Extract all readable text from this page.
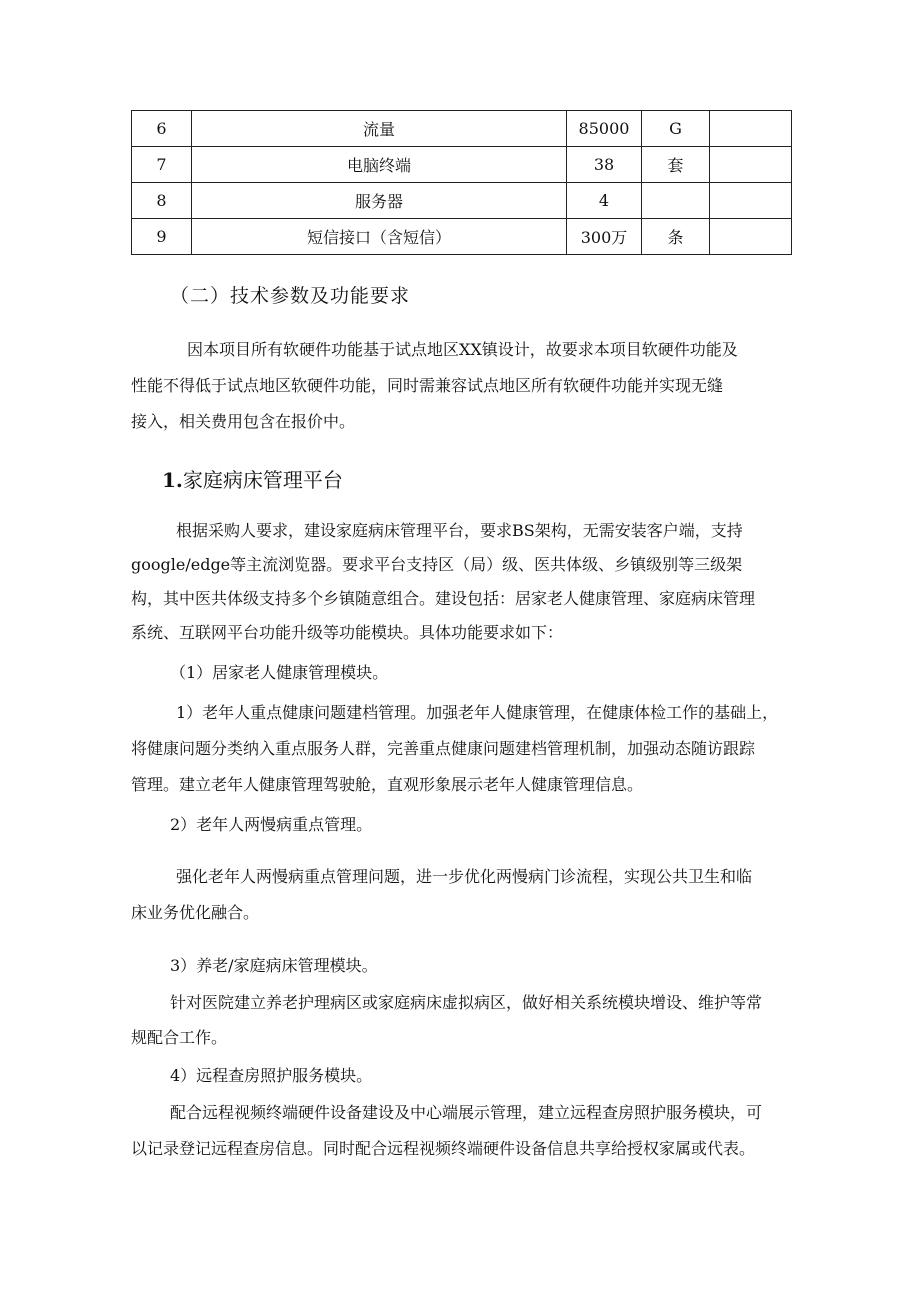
6	流量	85000	G	
7	电脑终端	38	套	
8	服务器	4		
9	短信接口（含短信）	300万	条	
（二）技术参数及功能要求
因本项目所有软硬件功能基于试点地区XX镇设计，故要求本项目软硬件功能及
性能不得低于试点地区软硬件功能，同时需兼容试点地区所有软硬件功能并实现无缝
接入，相关费用包含在报价中。
1.家庭病床管理平台
根据采购人要求，建设家庭病床管理平台，要求BS架构，无需安装客户端，支持
google/edge等主流浏览器。要求平台支持区（局）级、医共体级、乡镇级别等三级架
构，其中医共体级支持多个乡镇随意组合。建设包括：居家老人健康管理、家庭病床管理
系统、互联网平台功能升级等功能模块。具体功能要求如下：
（1）居家老人健康管理模块。
1）老年人重点健康问题建档管理。加强老年人健康管理，在健康体检工作的基础上，
将健康问题分类纳入重点服务人群，完善重点健康问题建档管理机制，加强动态随访跟踪
管理。建立老年人健康管理驾驶舱，直观形象展示老年人健康管理信息。
2）老年人两慢病重点管理。
强化老年人两慢病重点管理问题，进一步优化两慢病门诊流程，实现公共卫生和临
床业务优化融合。
3）养老/家庭病床管理模块。
针对医院建立养老护理病区或家庭病床虚拟病区，做好相关系统模块增设、维护等常
规配合工作。
4）远程查房照护服务模块。
配合远程视频终端硬件设备建设及中心端展示管理，建立远程查房照护服务模块，可
以记录登记远程查房信息。同时配合远程视频终端硬件设备信息共享给授权家属或代表。
